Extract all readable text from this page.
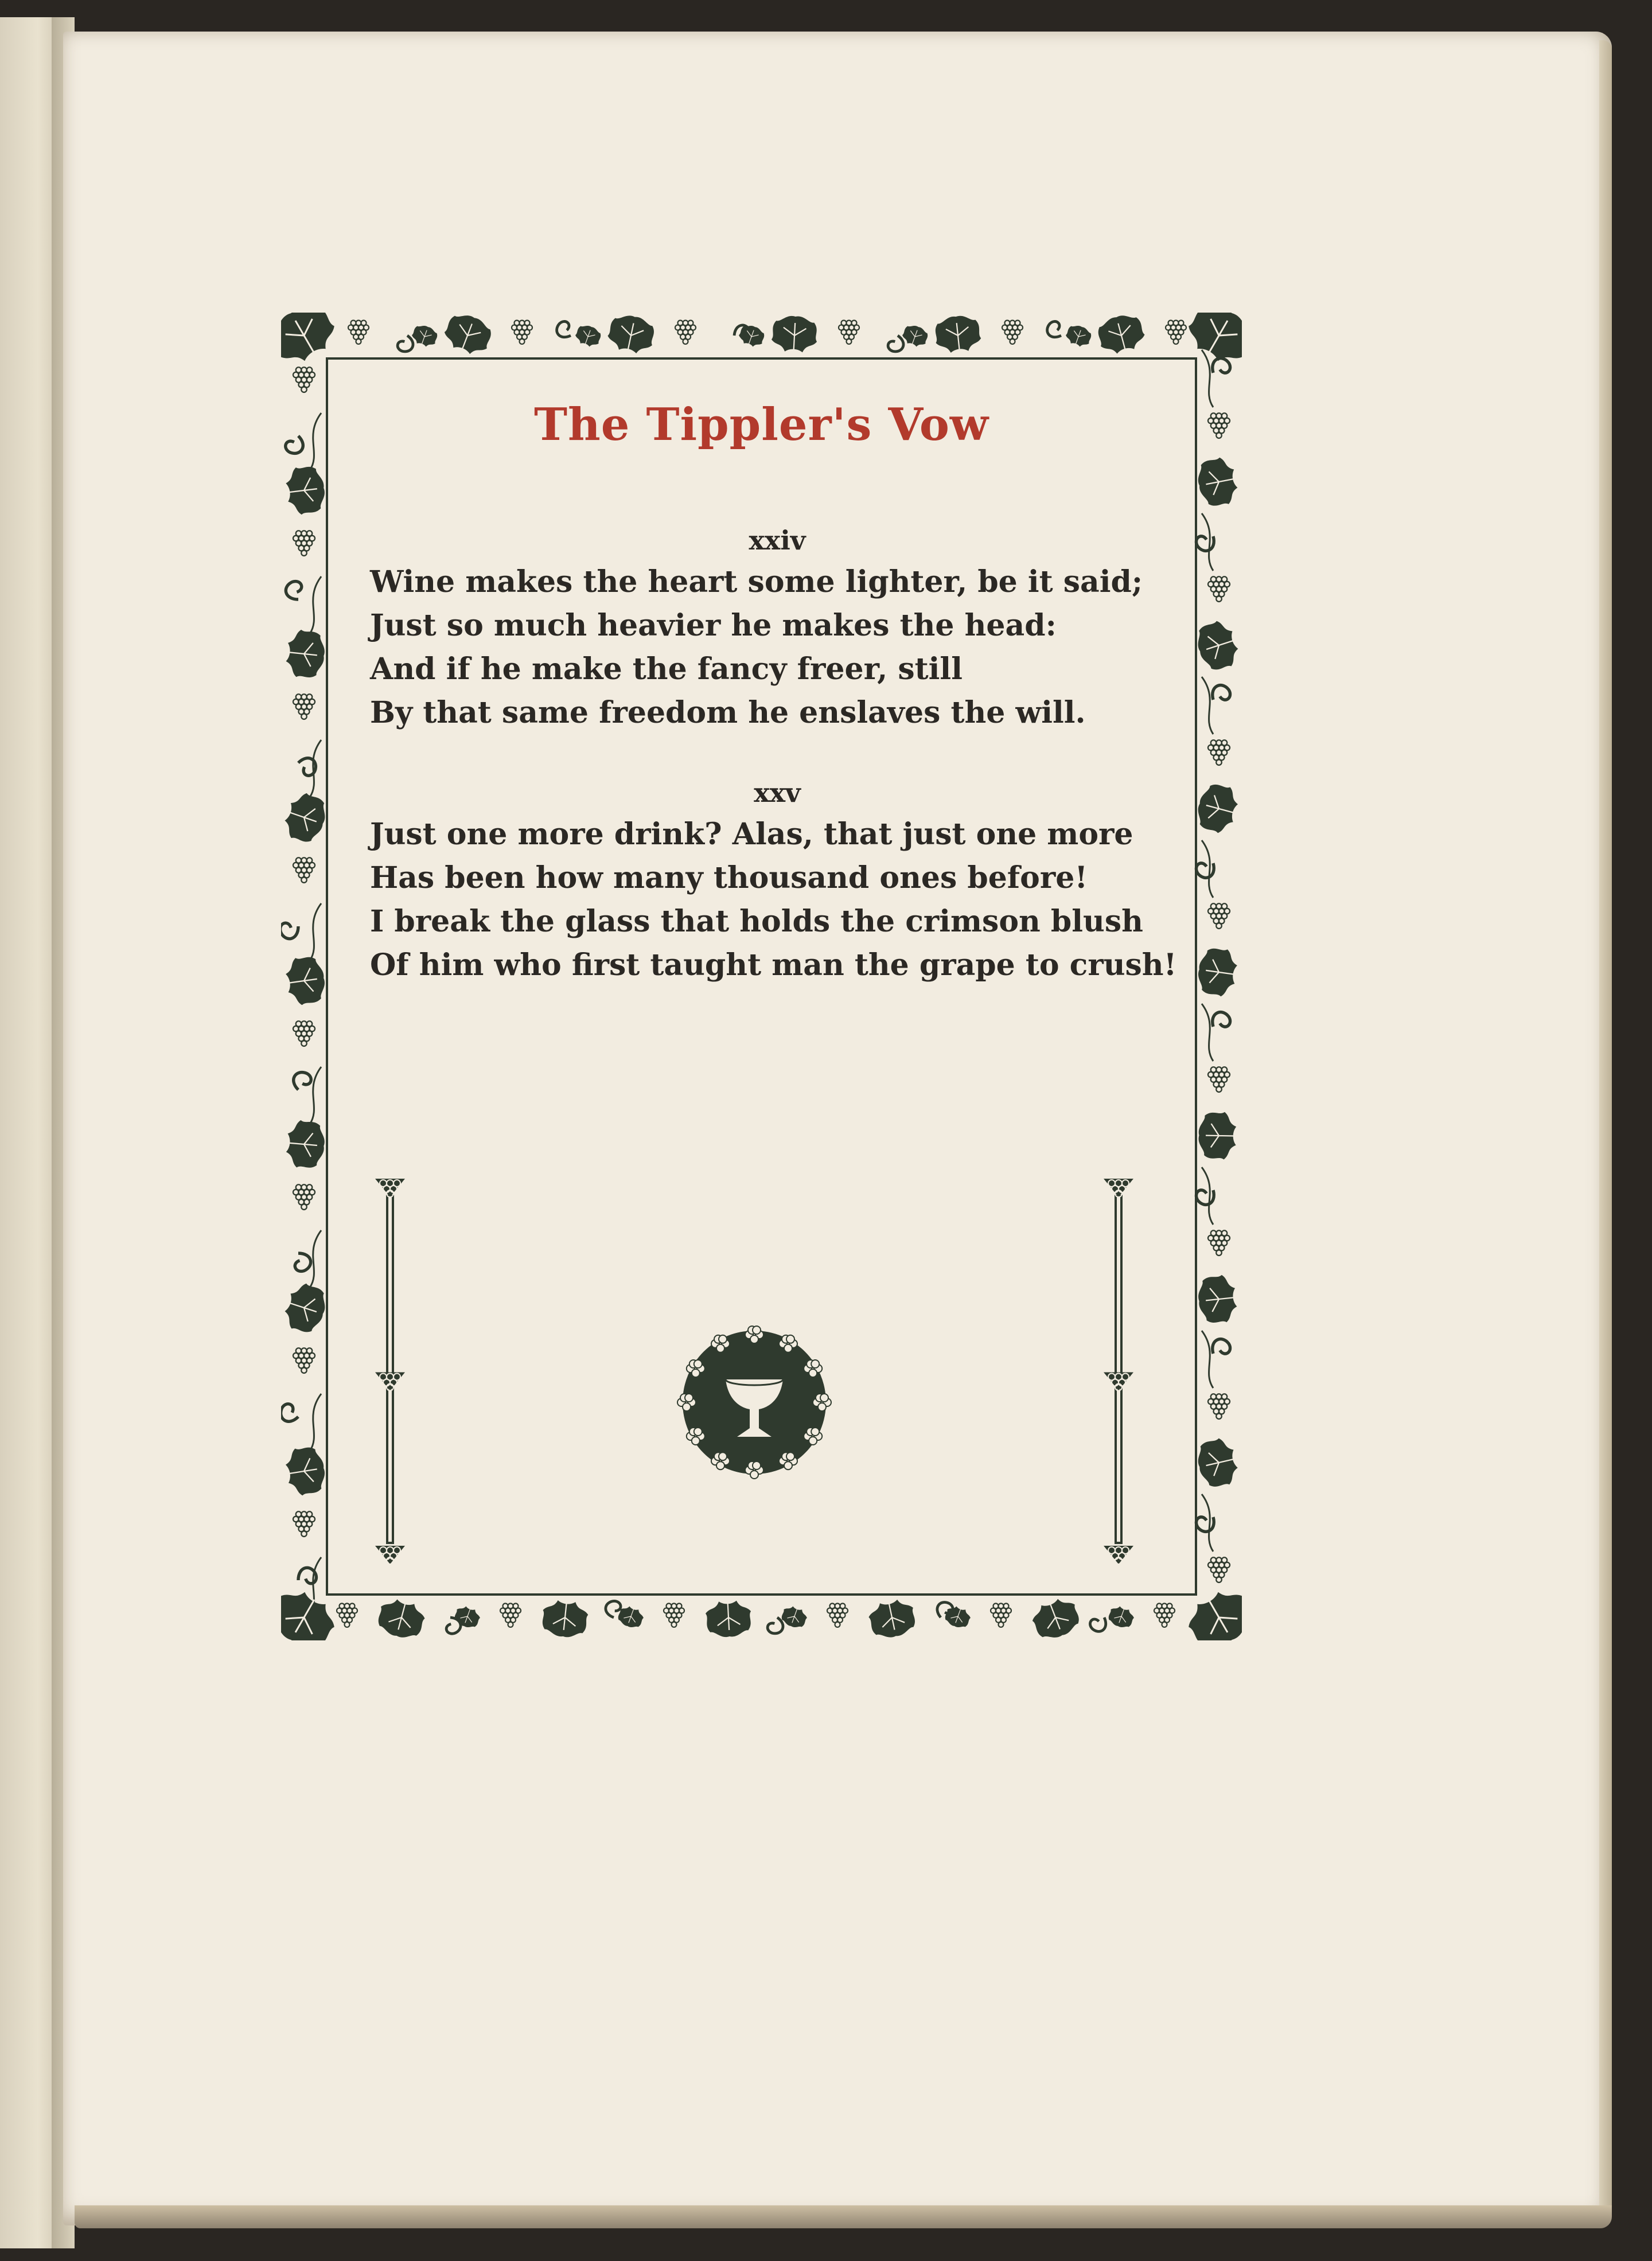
The Tippler's Vow
xxiv
Wine makes the heart some lighter, be it said;
Just so much heavier he makes the head:
And if he make the fancy freer, still
By that same freedom he enslaves the will.
xxv
Just one more drink? Alas, that just one more
Has been how many thousand ones before!
I break the glass that holds the crimson blush
Of him who first taught man the grape to crush!
